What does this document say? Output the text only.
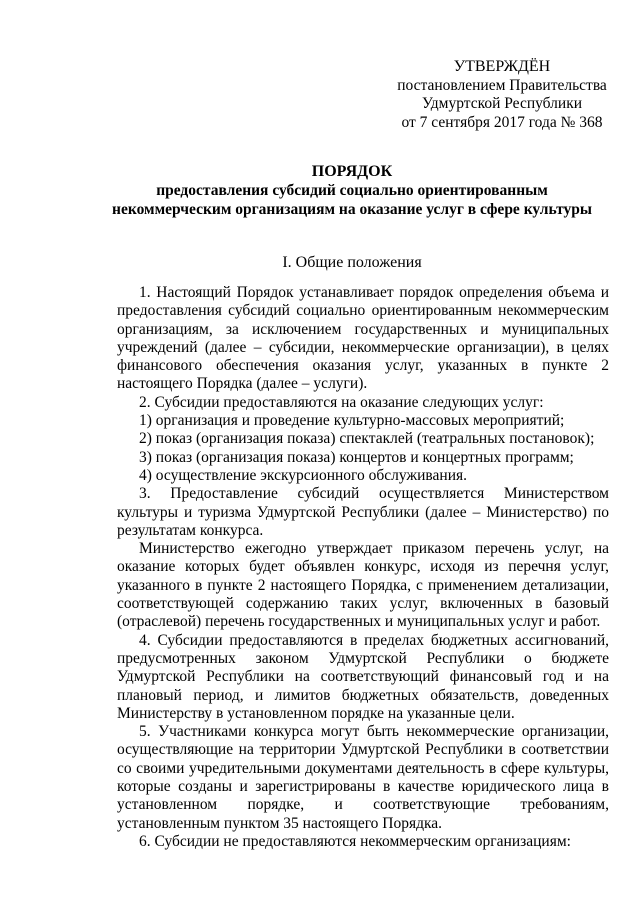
УТВЕРЖДЁН
постановлением Правительства
Удмуртской Республики
от 7 сентября 2017 года № 368
ПОРЯДОК
предоставления субсидий социально ориентированным
некоммерческим организациям на оказание услуг в сфере культуры
I. Общие положения

1. Настоящий Порядок устанавливает порядок определения объема и предоставления субсидий социально ориентированным некоммерческим организациям, за исключением государственных и муниципальных учреждений (далее – субсидии, некоммерческие организации), в целях финансового обеспечения оказания услуг, указанных в пункте 2 настоящего Порядка (далее – услуги).

2. Субсидии предоставляются на оказание следующих услуг:

1) организация и проведение культурно-массовых мероприятий;

2) показ (организация показа) спектаклей (театральных постановок);

3) показ (организация показа) концертов и концертных программ;

4) осуществление экскурсионного обслуживания.

3. Предоставление субсидий осуществляется Министерством культуры и туризма Удмуртской Республики (далее – Министерство) по результатам конкурса.

Министерство ежегодно утверждает приказом перечень услуг, на оказание которых будет объявлен конкурс, исходя из перечня услуг, указанного в пункте 2 настоящего Порядка, с применением детализации, соответствующей содержанию таких услуг, включенных в базовый (отраслевой) перечень государственных и муниципальных услуг и работ.

4. Субсидии предоставляются в пределах бюджетных ассигнований, предусмотренных законом Удмуртской Республики о бюджете Удмуртской Республики на соответствующий финансовый год и на плановый период, и лимитов бюджетных обязательств, доведенных Министерству в установленном порядке на указанные цели.

5. Участниками конкурса могут быть некоммерческие организации, осуществляющие на территории Удмуртской Республики в соответствии со своими учредительными документами деятельность в сфере культуры, которые созданы и зарегистрированы в качестве юридического лица в установленном порядке, и соответствующие требованиям, установленным пунктом 35 настоящего Порядка.

6. Субсидии не предоставляются некоммерческим организациям:
